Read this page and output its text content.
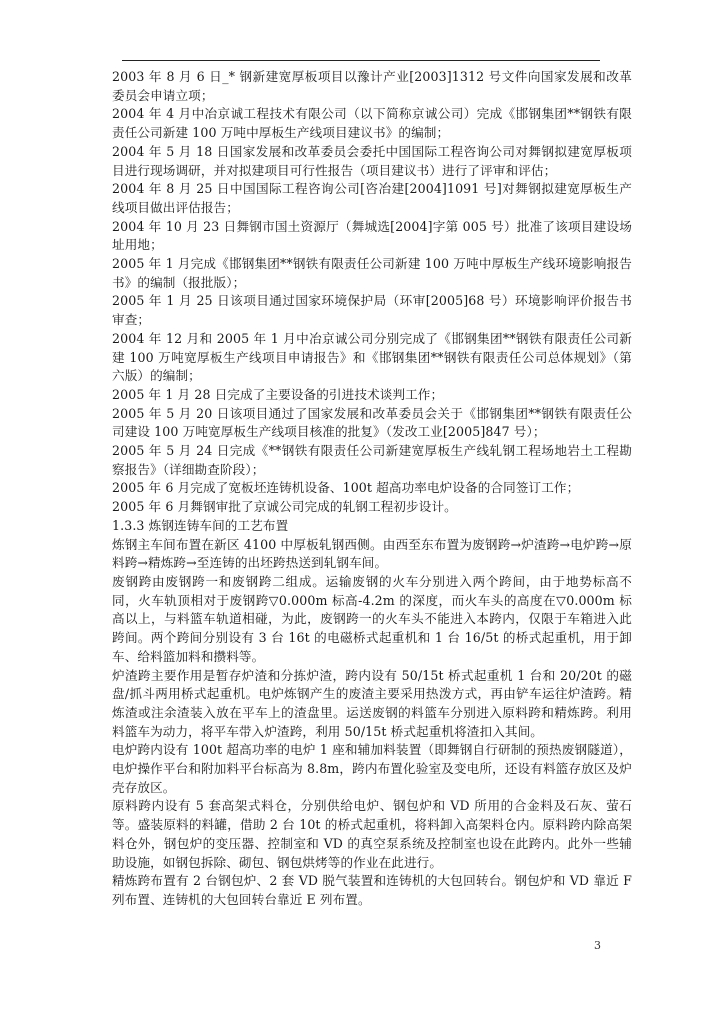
2003 年 8 月 6 日_* 钢新建宽厚板项目以豫计产业[2003]1312 号文件向国家发展和改革委员会申请立项；

2004 年 4 月中冶京诚工程技术有限公司（以下简称京诚公司）完成《邯钢集团**钢铁有限责任公司新建 100 万吨中厚板生产线项目建议书》的编制；

2004 年 5 月 18 日国家发展和改革委员会委托中国国际工程咨询公司对舞钢拟建宽厚板项目进行现场调研，并对拟建项目可行性报告（项目建议书）进行了评审和评估；

2004 年 8 月 25 日中国国际工程咨询公司[咨冶建[2004]1091 号]对舞钢拟建宽厚板生产线项目做出评估报告；

2004 年 10 月 23 日舞钢市国土资源厅（舞城选[2004]字第 005 号）批准了该项目建设场址用地；

2005 年 1 月完成《邯钢集团**钢铁有限责任公司新建 100 万吨中厚板生产线环境影响报告书》的编制（报批版）；

2005 年 1 月 25 日该项目通过国家环境保护局（环审[2005]68 号）环境影响评价报告书审查；

2004 年 12 月和 2005 年 1 月中冶京诚公司分别完成了《邯钢集团**钢铁有限责任公司新建 100 万吨宽厚板生产线项目申请报告》和《邯钢集团**钢铁有限责任公司总体规划》（第六版）的编制；

2005 年 1 月 28 日完成了主要设备的引进技术谈判工作；

2005 年 5 月 20 日该项目通过了国家发展和改革委员会关于《邯钢集团**钢铁有限责任公司建设 100 万吨宽厚板生产线项目核准的批复》（发改工业[2005]847 号）；

2005 年 5 月 24 日完成《**钢铁有限责任公司新建宽厚板生产线轧钢工程场地岩土工程勘察报告》（详细勘查阶段）；

2005 年 6 月完成了宽板坯连铸机设备、100t 超高功率电炉设备的合同签订工作；

2005 年 6 月舞钢审批了京诚公司完成的轧钢工程初步设计。

1.3.3 炼钢连铸车间的工艺布置

炼钢主车间布置在新区 4100 中厚板轧钢西侧。由西至东布置为废钢跨→炉渣跨→电炉跨→原料跨→精炼跨→至连铸的出坯跨热送到轧钢车间。

废钢跨由废钢跨一和废钢跨二组成。运输废钢的火车分别进入两个跨间，由于地势标高不同，火车轨顶相对于废钢跨▽0.000m 标高-4.2m 的深度，而火车头的高度在▽0.000m 标高以上，与料篮车轨道相碰，为此，废钢跨一的火车头不能进入本跨内，仅限于车箱进入此跨间。两个跨间分别设有 3 台 16t 的电磁桥式起重机和 1 台 16/5t 的桥式起重机，用于卸车、给料篮加料和攒料等。

炉渣跨主要作用是暂存炉渣和分拣炉渣，跨内设有 50/15t 桥式起重机 1 台和 20/20t 的磁盘/抓斗两用桥式起重机。电炉炼钢产生的废渣主要采用热泼方式，再由铲车运往炉渣跨。精炼渣或注余渣装入放在平车上的渣盘里。运送废钢的料篮车分别进入原料跨和精炼跨。利用料篮车为动力，将平车带入炉渣跨，利用 50/15t 桥式起重机将渣扣入其间。

电炉跨内设有 100t 超高功率的电炉 1 座和辅加料装置（即舞钢自行研制的预热废钢隧道），电炉操作平台和附加料平台标高为 8.8m，跨内布置化验室及变电所，还设有料篮存放区及炉壳存放区。

原料跨内设有 5 套高架式料仓，分别供给电炉、钢包炉和 VD 所用的合金料及石灰、萤石等。盛装原料的料罐，借助 2 台 10t 的桥式起重机，将料卸入高架料仓内。原料跨内除高架料仓外，钢包炉的变压器、控制室和 VD 的真空泵系统及控制室也设在此跨内。此外一些辅助设施，如钢包拆除、砌包、钢包烘烤等的作业在此进行。

精炼跨布置有 2 台钢包炉、2 套 VD 脱气装置和连铸机的大包回转台。钢包炉和 VD 靠近 F 列布置、连铸机的大包回转台靠近 E 列布置。

3
